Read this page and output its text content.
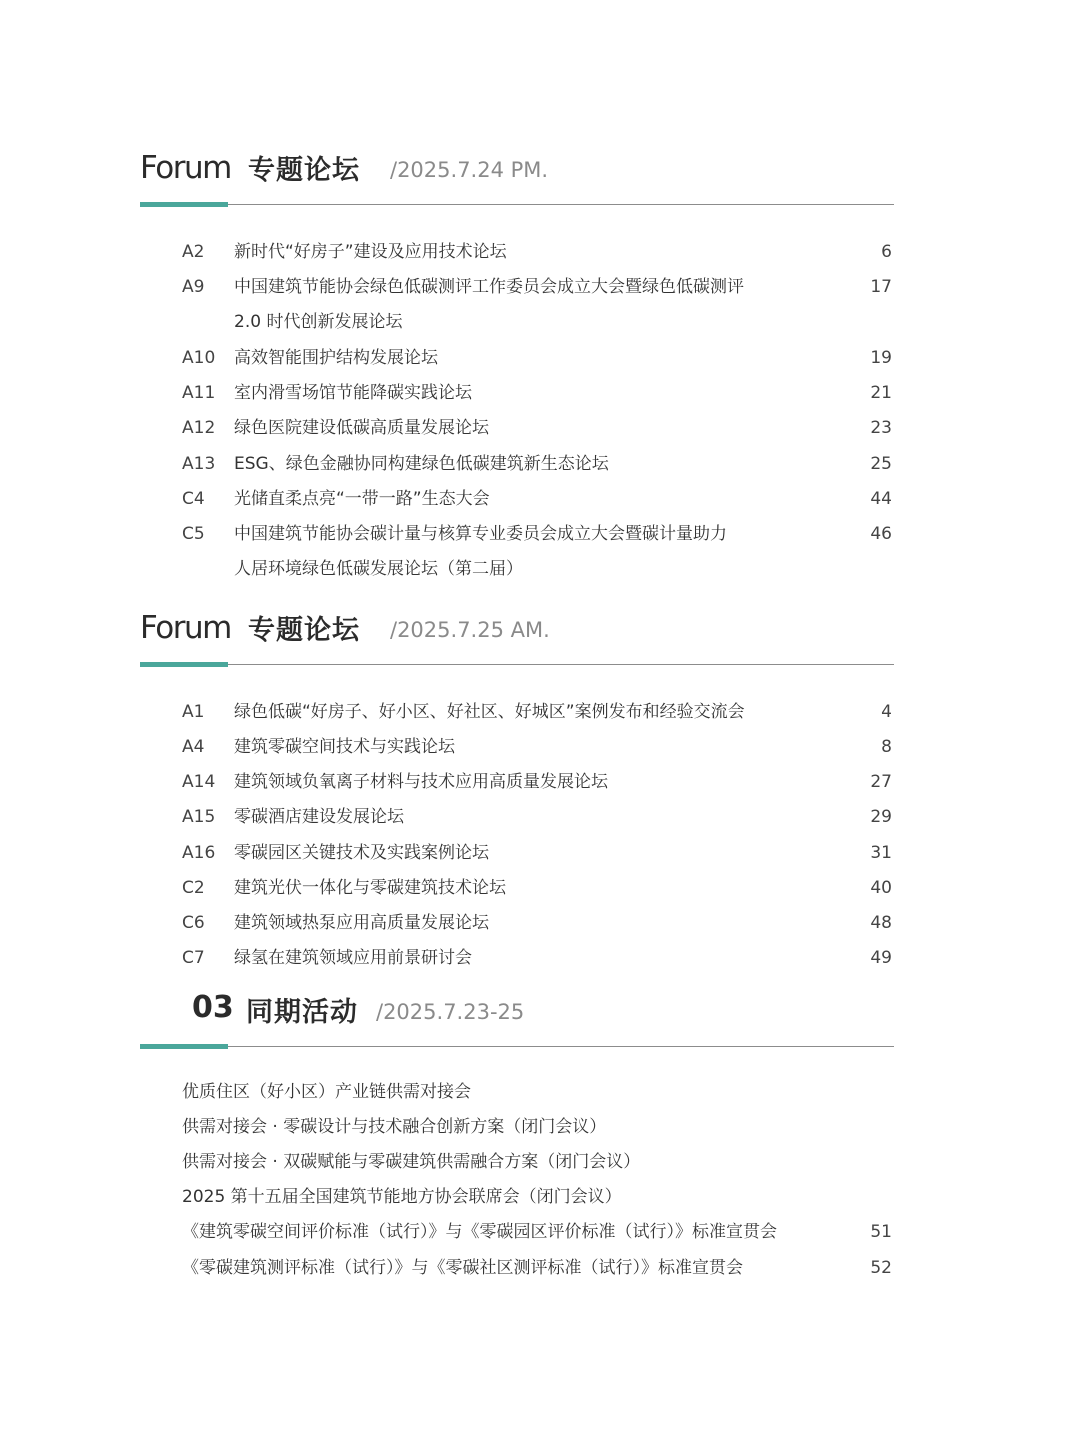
Forum 专题论坛 /2025.7.24 PM.
A2	新时代“好房子”建设及应用技术论坛	6
A9	中国建筑节能协会绿色低碳测评工作委员会成立大会暨绿色低碳测评	17
2.0 时代创新发展论坛
A10	高效智能围护结构发展论坛	19
A11	室内滑雪场馆节能降碳实践论坛	21
A12	绿色医院建设低碳高质量发展论坛	23
A13	ESG、绿色金融协同构建绿色低碳建筑新生态论坛	25
C4	光储直柔点亮“一带一路”生态大会	44
C5	中国建筑节能协会碳计量与核算专业委员会成立大会暨碳计量助力	46
人居环境绿色低碳发展论坛（第二届）
Forum 专题论坛 /2025.7.25 AM.
A1	绿色低碳“好房子、好小区、好社区、好城区”案例发布和经验交流会	4
A4	建筑零碳空间技术与实践论坛	8
A14	建筑领域负氧离子材料与技术应用高质量发展论坛	27
A15	零碳酒店建设发展论坛	29
A16	零碳园区关键技术及实践案例论坛	31
C2	建筑光伏一体化与零碳建筑技术论坛	40
C6	建筑领域热泵应用高质量发展论坛	48
C7	绿氢在建筑领域应用前景研讨会	49
03 同期活动 /2025.7.23-25
优质住区（好小区）产业链供需对接会
供需对接会 · 零碳设计与技术融合创新方案（闭门会议）
供需对接会 · 双碳赋能与零碳建筑供需融合方案（闭门会议）
2025 第十五届全国建筑节能地方协会联席会（闭门会议）
《建筑零碳空间评价标准（试行）》与《零碳园区评价标准（试行）》标准宣贯会	51
《零碳建筑测评标准（试行）》与《零碳社区测评标准（试行）》标准宣贯会	52
